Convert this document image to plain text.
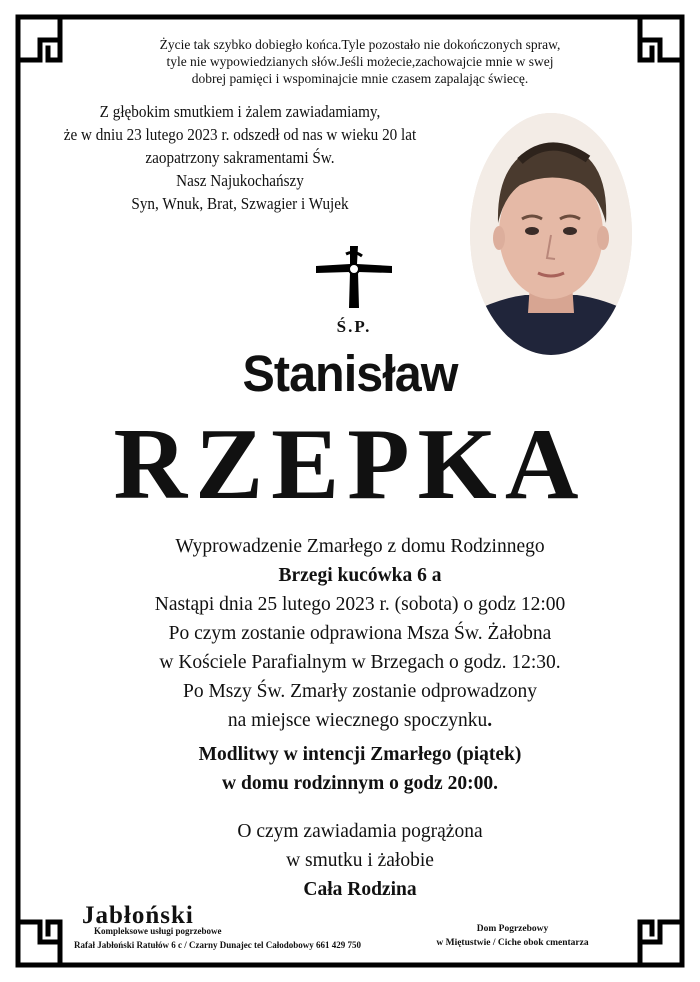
Życie tak szybko dobiegło końca.Tyle pozostało nie dokończonych spraw,
tyle nie wypowiedzianych słów.Jeśli możecie,zachowajcie mnie w swej
dobrej pamięci i wspominajcie mnie czasem zapalając świecę.
Z głębokim smutkiem i żalem zawiadamiamy,
że w dniu 23 lutego 2023 r. odszedł od nas w wieku 20 lat
zaopatrzony sakramentami Św.
Nasz Najukochańszy
Syn, Wnuk, Brat, Szwagier i Wujek
Ś.P.
Stanisław
RZEPKA
Wyprowadzenie Zmarłego z domu Rodzinnego
Brzegi kucówka 6 a
Nastąpi dnia 25 lutego 2023 r. (sobota) o godz 12:00
Po czym zostanie odprawiona Msza Św. Żałobna
w Kościele Parafialnym w Brzegach o godz. 12:30.
Po Mszy Św. Zmarły zostanie odprowadzony
na miejsce wiecznego spoczynku.
Modlitwy w intencji Zmarłego (piątek)
w domu rodzinnym o godz 20:00.
O czym zawiadamia pogrążona
w smutku i żałobie
Cała Rodzina
Jabłoński
Kompleksowe usługi pogrzebowe
Rafał Jabłoński Ratułów 6 c / Czarny Dunajec tel Całodobowy 661 429 750
Dom Pogrzebowy
w Miętustwie / Ciche obok cmentarza
